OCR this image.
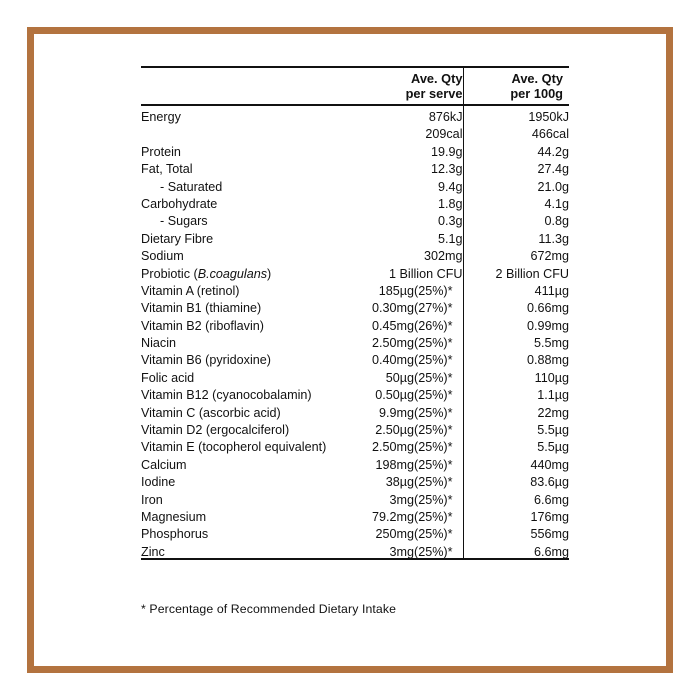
Ave. Qty
per serve

Ave. Qty
per 100g

Energy	876kJ		1950kJ
	209cal		466cal
Protein	19.9g		44.2g
Fat, Total	12.3g		27.4g
- Saturated	9.4g		21.0g
Carbohydrate	1.8g		4.1g
- Sugars	0.3g		0.8g
Dietary Fibre	5.1g		11.3g
Sodium	302mg		672mg
Probiotic (B.coagulans)	1 Billion CFU		2 Billion CFU
Vitamin A (retinol)	185µg	(25%)*	411µg
Vitamin B1 (thiamine)	0.30mg	(27%)*	0.66mg
Vitamin B2 (riboflavin)	0.45mg	(26%)*	0.99mg
Niacin	2.50mg	(25%)*	5.5mg
Vitamin B6 (pyridoxine)	0.40mg	(25%)*	0.88mg
Folic acid	50µg	(25%)*	110µg
Vitamin B12 (cyanocobalamin)	0.50µg	(25%)*	1.1µg
Vitamin C (ascorbic acid)	9.9mg	(25%)*	22mg
Vitamin D2 (ergocalciferol)	2.50µg	(25%)*	5.5µg
Vitamin E (tocopherol equivalent)	2.50mg	(25%)*	5.5µg
Calcium	198mg	(25%)*	440mg
Iodine	38µg	(25%)*	83.6µg
Iron	3mg	(25%)*	6.6mg
Magnesium	79.2mg	(25%)*	176mg
Phosphorus	250mg	(25%)*	556mg
Zinc	3mg	(25%)*	6.6mg

* Percentage of Recommended Dietary Intake
